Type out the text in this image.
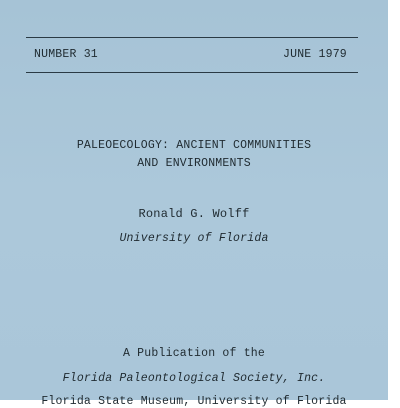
NUMBER 31	JUNE 1979
PALEOECOLOGY: ANCIENT COMMUNITIES
AND ENVIRONMENTS
Ronald G. Wolff
University of Florida
A Publication of the
Florida Paleontological Society, Inc.
Florida State Museum, University of Florida
